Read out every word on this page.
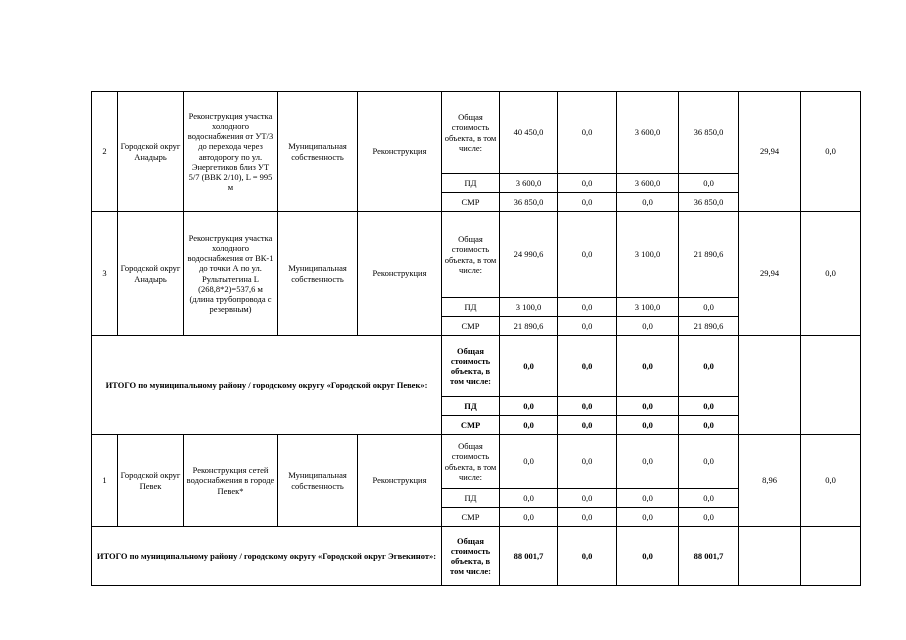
2	Городской округ Анадырь	Реконструкция участка холодного водоснабжения от УТ/3 до перехода через автодорогу по ул. Энергетиков близ УТ 5/7 (ВВК 2/10), L = 995 м	Муниципальная собственность	Реконструкция	Общая стоимость объекта, в том числе:	40 450,0	0,0	3 600,0	36 850,0	29,94	0,0
					ПД	3 600,0	0,0	3 600,0	0,0		
					СМР	36 850,0	0,0	0,0	36 850,0		
3	Городской округ Анадырь	Реконструкция участка холодного водоснабжения от ВК-1 до точки А по ул. Рультытегина L (268,8*2)=537,6 м (длина трубопровода с резервным)	Муниципальная собственность	Реконструкция	Общая стоимость объекта, в том числе:	24 990,6	0,0	3 100,0	21 890,6	29,94	0,0
					ПД	3 100,0	0,0	3 100,0	0,0		
					СМР	21 890,6	0,0	0,0	21 890,6		
ИТОГО по муниципальному району / городскому округу «Городской округ Певек»:					Общая стоимость объекта, в том числе:	0,0	0,0	0,0	0,0		
					ПД	0,0	0,0	0,0	0,0		
					СМР	0,0	0,0	0,0	0,0		
1	Городской округ Певек	Реконструкция сетей водоснабжения в городе Певек*	Муниципальная собственность	Реконструкция	Общая стоимость объекта, в том числе:	0,0	0,0	0,0	0,0	8,96	0,0
					ПД	0,0	0,0	0,0	0,0		
					СМР	0,0	0,0	0,0	0,0		
ИТОГО по муниципальному району / городскому округу «Городской округ Эгвекинот»:					Общая стоимость объекта, в том числе:	88 001,7	0,0	0,0	88 001,7		
